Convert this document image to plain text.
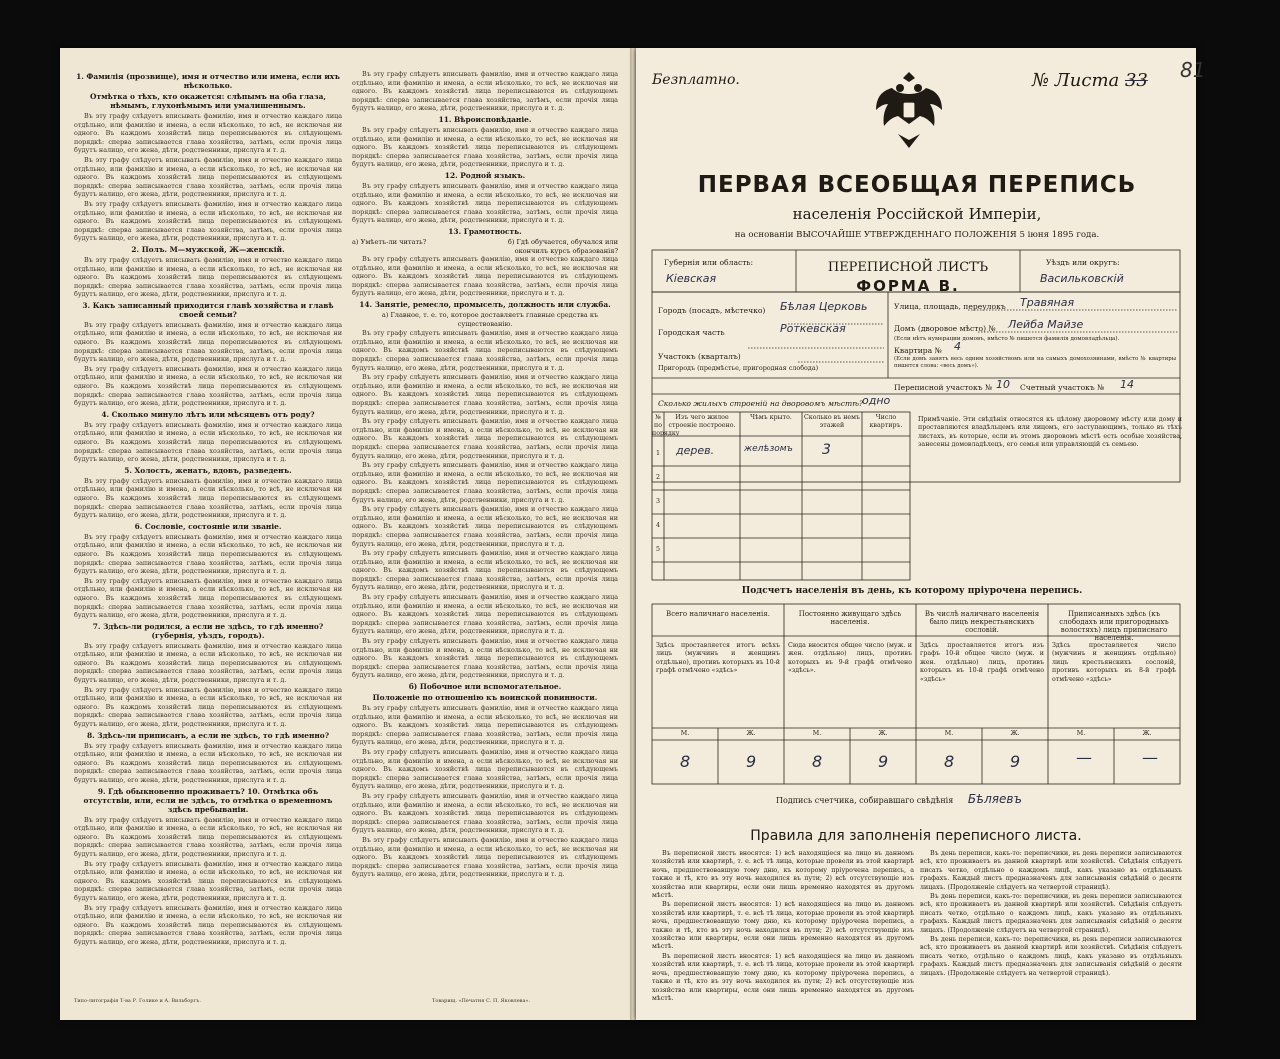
1. Фамилія (прозвище), имя и отчество или имена, если ихъ нѣсколько.
Отмѣтка о тѣхъ, кто окажется: слѣпымъ на оба глаза, нѣмымъ, глухонѣмымъ или умалишеннымъ.
Въ эту графу слѣдуетъ вписывать фамилію, имя и отчество каждаго лица отдѣльно, или фамилію и имена, а если нѣсколько, то всѣ, не исключая ни одного. Въ каждомъ хозяйствѣ лица переписываются въ слѣдующемъ порядкѣ: сперва записывается глава хозяйства, затѣмъ, если прочія лица будутъ налицо, его жена, дѣти, родственники, прислуга и т. д.
Въ эту графу слѣдуетъ вписывать фамилію, имя и отчество каждаго лица отдѣльно, или фамилію и имена, а если нѣсколько, то всѣ, не исключая ни одного. Въ каждомъ хозяйствѣ лица переписываются въ слѣдующемъ порядкѣ: сперва записывается глава хозяйства, затѣмъ, если прочія лица будутъ налицо, его жена, дѣти, родственники, прислуга и т. д.
Въ эту графу слѣдуетъ вписывать фамилію, имя и отчество каждаго лица отдѣльно, или фамилію и имена, а если нѣсколько, то всѣ, не исключая ни одного. Въ каждомъ хозяйствѣ лица переписываются въ слѣдующемъ порядкѣ: сперва записывается глава хозяйства, затѣмъ, если прочія лица будутъ налицо, его жена, дѣти, родственники, прислуга и т. д.
2. Полъ. М—мужской, Ж—женскій.
Въ эту графу слѣдуетъ вписывать фамилію, имя и отчество каждаго лица отдѣльно, или фамилію и имена, а если нѣсколько, то всѣ, не исключая ни одного. Въ каждомъ хозяйствѣ лица переписываются въ слѣдующемъ порядкѣ: сперва записывается глава хозяйства, затѣмъ, если прочія лица будутъ налицо, его жена, дѣти, родственники, прислуга и т. д.
3. Какъ записанный приходится главѣ хозяйства и главѣ своей семьи?
Въ эту графу слѣдуетъ вписывать фамилію, имя и отчество каждаго лица отдѣльно, или фамилію и имена, а если нѣсколько, то всѣ, не исключая ни одного. Въ каждомъ хозяйствѣ лица переписываются въ слѣдующемъ порядкѣ: сперва записывается глава хозяйства, затѣмъ, если прочія лица будутъ налицо, его жена, дѣти, родственники, прислуга и т. д.
Въ эту графу слѣдуетъ вписывать фамилію, имя и отчество каждаго лица отдѣльно, или фамилію и имена, а если нѣсколько, то всѣ, не исключая ни одного. Въ каждомъ хозяйствѣ лица переписываются въ слѣдующемъ порядкѣ: сперва записывается глава хозяйства, затѣмъ, если прочія лица будутъ налицо, его жена, дѣти, родственники, прислуга и т. д.
4. Сколько минуло лѣтъ или мѣсяцевъ отъ роду?
Въ эту графу слѣдуетъ вписывать фамилію, имя и отчество каждаго лица отдѣльно, или фамилію и имена, а если нѣсколько, то всѣ, не исключая ни одного. Въ каждомъ хозяйствѣ лица переписываются въ слѣдующемъ порядкѣ: сперва записывается глава хозяйства, затѣмъ, если прочія лица будутъ налицо, его жена, дѣти, родственники, прислуга и т. д.
5. Холостъ, женатъ, вдовъ, разведенъ.
Въ эту графу слѣдуетъ вписывать фамилію, имя и отчество каждаго лица отдѣльно, или фамилію и имена, а если нѣсколько, то всѣ, не исключая ни одного. Въ каждомъ хозяйствѣ лица переписываются въ слѣдующемъ порядкѣ: сперва записывается глава хозяйства, затѣмъ, если прочія лица будутъ налицо, его жена, дѣти, родственники, прислуга и т. д.
6. Сословіе, состояніе или званіе.
Въ эту графу слѣдуетъ вписывать фамилію, имя и отчество каждаго лица отдѣльно, или фамилію и имена, а если нѣсколько, то всѣ, не исключая ни одного. Въ каждомъ хозяйствѣ лица переписываются въ слѣдующемъ порядкѣ: сперва записывается глава хозяйства, затѣмъ, если прочія лица будутъ налицо, его жена, дѣти, родственники, прислуга и т. д.
Въ эту графу слѣдуетъ вписывать фамилію, имя и отчество каждаго лица отдѣльно, или фамилію и имена, а если нѣсколько, то всѣ, не исключая ни одного. Въ каждомъ хозяйствѣ лица переписываются въ слѣдующемъ порядкѣ: сперва записывается глава хозяйства, затѣмъ, если прочія лица будутъ налицо, его жена, дѣти, родственники, прислуга и т. д.
7. Здѣсь-ли родился, а если не здѣсь, то гдѣ именно? (губернія, уѣздъ, городъ).
Въ эту графу слѣдуетъ вписывать фамилію, имя и отчество каждаго лица отдѣльно, или фамилію и имена, а если нѣсколько, то всѣ, не исключая ни одного. Въ каждомъ хозяйствѣ лица переписываются въ слѣдующемъ порядкѣ: сперва записывается глава хозяйства, затѣмъ, если прочія лица будутъ налицо, его жена, дѣти, родственники, прислуга и т. д.
Въ эту графу слѣдуетъ вписывать фамилію, имя и отчество каждаго лица отдѣльно, или фамилію и имена, а если нѣсколько, то всѣ, не исключая ни одного. Въ каждомъ хозяйствѣ лица переписываются въ слѣдующемъ порядкѣ: сперва записывается глава хозяйства, затѣмъ, если прочія лица будутъ налицо, его жена, дѣти, родственники, прислуга и т. д.
8. Здѣсь-ли приписанъ, а если не здѣсь, то гдѣ именно?
Въ эту графу слѣдуетъ вписывать фамилію, имя и отчество каждаго лица отдѣльно, или фамилію и имена, а если нѣсколько, то всѣ, не исключая ни одного. Въ каждомъ хозяйствѣ лица переписываются въ слѣдующемъ порядкѣ: сперва записывается глава хозяйства, затѣмъ, если прочія лица будутъ налицо, его жена, дѣти, родственники, прислуга и т. д.
9. Гдѣ обыкновенно проживаетъ? 10. Отмѣтка объ отсутствіи, или, если не здѣсь, то отмѣтка о временномъ здѣсь пребываніи.
Въ эту графу слѣдуетъ вписывать фамилію, имя и отчество каждаго лица отдѣльно, или фамилію и имена, а если нѣсколько, то всѣ, не исключая ни одного. Въ каждомъ хозяйствѣ лица переписываются въ слѣдующемъ порядкѣ: сперва записывается глава хозяйства, затѣмъ, если прочія лица будутъ налицо, его жена, дѣти, родственники, прислуга и т. д.
Въ эту графу слѣдуетъ вписывать фамилію, имя и отчество каждаго лица отдѣльно, или фамилію и имена, а если нѣсколько, то всѣ, не исключая ни одного. Въ каждомъ хозяйствѣ лица переписываются въ слѣдующемъ порядкѣ: сперва записывается глава хозяйства, затѣмъ, если прочія лица будутъ налицо, его жена, дѣти, родственники, прислуга и т. д.
Въ эту графу слѣдуетъ вписывать фамилію, имя и отчество каждаго лица отдѣльно, или фамилію и имена, а если нѣсколько, то всѣ, не исключая ни одного. Въ каждомъ хозяйствѣ лица переписываются въ слѣдующемъ порядкѣ: сперва записывается глава хозяйства, затѣмъ, если прочія лица будутъ налицо, его жена, дѣти, родственники, прислуга и т. д.
Въ эту графу слѣдуетъ вписывать фамилію, имя и отчество каждаго лица отдѣльно, или фамилію и имена, а если нѣсколько, то всѣ, не исключая ни одного. Въ каждомъ хозяйствѣ лица переписываются въ слѣдующемъ порядкѣ: сперва записывается глава хозяйства, затѣмъ, если прочія лица будутъ налицо, его жена, дѣти, родственники, прислуга и т. д.
11. Вѣроисповѣданіе.
Въ эту графу слѣдуетъ вписывать фамилію, имя и отчество каждаго лица отдѣльно, или фамилію и имена, а если нѣсколько, то всѣ, не исключая ни одного. Въ каждомъ хозяйствѣ лица переписываются въ слѣдующемъ порядкѣ: сперва записывается глава хозяйства, затѣмъ, если прочія лица будутъ налицо, его жена, дѣти, родственники, прислуга и т. д.
12. Родной языкъ.
Въ эту графу слѣдуетъ вписывать фамилію, имя и отчество каждаго лица отдѣльно, или фамилію и имена, а если нѣсколько, то всѣ, не исключая ни одного. Въ каждомъ хозяйствѣ лица переписываются въ слѣдующемъ порядкѣ: сперва записывается глава хозяйства, затѣмъ, если прочія лица будутъ налицо, его жена, дѣти, родственники, прислуга и т. д.
13. Грамотность.
а) Умѣетъ-ли читать?	б) Гдѣ обучается, обучался или окончилъ курсъ образованія?
Въ эту графу слѣдуетъ вписывать фамилію, имя и отчество каждаго лица отдѣльно, или фамилію и имена, а если нѣсколько, то всѣ, не исключая ни одного. Въ каждомъ хозяйствѣ лица переписываются въ слѣдующемъ порядкѣ: сперва записывается глава хозяйства, затѣмъ, если прочія лица будутъ налицо, его жена, дѣти, родственники, прислуга и т. д.
14. Занятіе, ремесло, промыселъ, должность или служба.
а) Главное, т. е. то, которое доставляетъ главные средства къ существованію.
Въ эту графу слѣдуетъ вписывать фамилію, имя и отчество каждаго лица отдѣльно, или фамилію и имена, а если нѣсколько, то всѣ, не исключая ни одного. Въ каждомъ хозяйствѣ лица переписываются въ слѣдующемъ порядкѣ: сперва записывается глава хозяйства, затѣмъ, если прочія лица будутъ налицо, его жена, дѣти, родственники, прислуга и т. д.
Въ эту графу слѣдуетъ вписывать фамилію, имя и отчество каждаго лица отдѣльно, или фамилію и имена, а если нѣсколько, то всѣ, не исключая ни одного. Въ каждомъ хозяйствѣ лица переписываются въ слѣдующемъ порядкѣ: сперва записывается глава хозяйства, затѣмъ, если прочія лица будутъ налицо, его жена, дѣти, родственники, прислуга и т. д.
Въ эту графу слѣдуетъ вписывать фамилію, имя и отчество каждаго лица отдѣльно, или фамилію и имена, а если нѣсколько, то всѣ, не исключая ни одного. Въ каждомъ хозяйствѣ лица переписываются въ слѣдующемъ порядкѣ: сперва записывается глава хозяйства, затѣмъ, если прочія лица будутъ налицо, его жена, дѣти, родственники, прислуга и т. д.
Въ эту графу слѣдуетъ вписывать фамилію, имя и отчество каждаго лица отдѣльно, или фамилію и имена, а если нѣсколько, то всѣ, не исключая ни одного. Въ каждомъ хозяйствѣ лица переписываются въ слѣдующемъ порядкѣ: сперва записывается глава хозяйства, затѣмъ, если прочія лица будутъ налицо, его жена, дѣти, родственники, прислуга и т. д.
Въ эту графу слѣдуетъ вписывать фамилію, имя и отчество каждаго лица отдѣльно, или фамилію и имена, а если нѣсколько, то всѣ, не исключая ни одного. Въ каждомъ хозяйствѣ лица переписываются въ слѣдующемъ порядкѣ: сперва записывается глава хозяйства, затѣмъ, если прочія лица будутъ налицо, его жена, дѣти, родственники, прислуга и т. д.
Въ эту графу слѣдуетъ вписывать фамилію, имя и отчество каждаго лица отдѣльно, или фамилію и имена, а если нѣсколько, то всѣ, не исключая ни одного. Въ каждомъ хозяйствѣ лица переписываются въ слѣдующемъ порядкѣ: сперва записывается глава хозяйства, затѣмъ, если прочія лица будутъ налицо, его жена, дѣти, родственники, прислуга и т. д.
Въ эту графу слѣдуетъ вписывать фамилію, имя и отчество каждаго лица отдѣльно, или фамилію и имена, а если нѣсколько, то всѣ, не исключая ни одного. Въ каждомъ хозяйствѣ лица переписываются въ слѣдующемъ порядкѣ: сперва записывается глава хозяйства, затѣмъ, если прочія лица будутъ налицо, его жена, дѣти, родственники, прислуга и т. д.
Въ эту графу слѣдуетъ вписывать фамилію, имя и отчество каждаго лица отдѣльно, или фамилію и имена, а если нѣсколько, то всѣ, не исключая ни одного. Въ каждомъ хозяйствѣ лица переписываются въ слѣдующемъ порядкѣ: сперва записывается глава хозяйства, затѣмъ, если прочія лица будутъ налицо, его жена, дѣти, родственники, прислуга и т. д.
б) Побочное или вспомогательное.
Положеніе по отношенію къ воинской повинности.
Въ эту графу слѣдуетъ вписывать фамилію, имя и отчество каждаго лица отдѣльно, или фамилію и имена, а если нѣсколько, то всѣ, не исключая ни одного. Въ каждомъ хозяйствѣ лица переписываются въ слѣдующемъ порядкѣ: сперва записывается глава хозяйства, затѣмъ, если прочія лица будутъ налицо, его жена, дѣти, родственники, прислуга и т. д.
Въ эту графу слѣдуетъ вписывать фамилію, имя и отчество каждаго лица отдѣльно, или фамилію и имена, а если нѣсколько, то всѣ, не исключая ни одного. Въ каждомъ хозяйствѣ лица переписываются въ слѣдующемъ порядкѣ: сперва записывается глава хозяйства, затѣмъ, если прочія лица будутъ налицо, его жена, дѣти, родственники, прислуга и т. д.
Въ эту графу слѣдуетъ вписывать фамилію, имя и отчество каждаго лица отдѣльно, или фамилію и имена, а если нѣсколько, то всѣ, не исключая ни одного. Въ каждомъ хозяйствѣ лица переписываются въ слѣдующемъ порядкѣ: сперва записывается глава хозяйства, затѣмъ, если прочія лица будутъ налицо, его жена, дѣти, родственники, прислуга и т. д.
Въ эту графу слѣдуетъ вписывать фамилію, имя и отчество каждаго лица отдѣльно, или фамилію и имена, а если нѣсколько, то всѣ, не исключая ни одного. Въ каждомъ хозяйствѣ лица переписываются въ слѣдующемъ порядкѣ: сперва записывается глава хозяйства, затѣмъ, если прочія лица будутъ налицо, его жена, дѣти, родственники, прислуга и т. д.
Типо-литографія Т-ва Р. Голике и А. Вильборгъ.	Товарищ. «Печатня С. П. Яковлева».
Безплатно.	№ Листа 33 81
ПЕРВАЯ ВСЕОБЩАЯ ПЕРЕПИСЬ
населенія Россійской Имперіи,
на основаніи ВЫСОЧАЙШЕ УТВЕРЖДЕННАГО ПОЛОЖЕНІЯ 5 іюня 1895 года.
Губернія или область:
Кіевская
ПЕРЕПИСНОЙ ЛИСТЪ
ФОРМА В.
Уѣздъ или округъ:
Васильковскій
Городъ (посадъ, мѣстечко) Бѣлая Церковь
Городская часть	Роткевская
Участокъ (кварталъ)
Пригородъ (предмѣстье, пригородная слобода)
Улица, площадь, переулокъ Травяная
Домъ (дворовое мѣсто) № Лейба Майзе
(Если нѣтъ нумерации домовъ, вмѣсто № пишется фамилія домовладѣльца).
Квартира № 4
(Если домъ занятъ весь одним хозяйствомъ или на самыхъ домохозяинами, вмѣсто № квартиры пишется слова: «весь домъ»).
Переписной участокъ № 10 Счетный участокъ № 14
Сколько жилыхъ строеній на дворовомъ мѣстѣ? одно
№ по порядку
Изъ чего жилое строеніе построено.
Чѣмъ крыто.	Сколько въ немъ этажей
Число квартиръ.
1	дерев.	желѣзомъ 3
2
3
4
5
Примѣчаніе. Эти свѣдѣнія относятся къ цѣлому дворовому мѣсту или дому и проставляются владѣльцемъ или лицомъ, его заступающимъ, только въ тѣхъ листахъ, въ которые, если въ этомъ дворовомъ мѣстѣ есть особые хозяйства, занесены домовладѣлецъ, его семья или управляющій съ семьею.
Подсчетъ населенія въ день, къ которому пріурочена перепись.
Всего наличнаго населенія.	Постоянно живущаго здѣсь населенія.
Въ числѣ наличнаго населенія было лицъ некрестьянскихъ сословій.
Приписанныхъ здѣсь (къ слободахъ или пригородныхъ волостяхъ) лицъ приписнаго населенія.
Здѣсь проставляется итогъ всѣхъ лицъ (мужчинъ и женщинъ отдѣльно), противъ которыхъ въ 10-й графѣ отмѣчено «здѣсь»
Сюда вносится общее число (муж. и жен. отдѣльно) лицъ, противъ которыхъ въ 9-й графѣ отмѣчено «здѣсь».
Здѣсь проставляется итогъ изъ графъ 10-й общее число (муж. и жен. отдѣльно) лицъ, противъ которыхъ въ 10-й графѣ отмѣчено «здѣсь»
Здѣсь проставляется число (мужчинъ и женщинъ отдѣльно) лицъ крестьянскихъ сословій, противъ которыхъ въ 8-й графѣ отмѣчено «здѣсь»
М.	Ж.	М.	Ж.	М.	Ж.	М.	Ж.
8	9	8	9	8	9	—	—
Подпись счетчика, собиравшаго свѣдѣнія Бѣляевъ
Правила для заполненія переписного листа.
Въ переписной листъ вносятся: 1) всѣ находящіеся на лицо въ данномъ хозяйствѣ или квартирѣ, т. е. всѣ тѣ лица, которые провели въ этой квартирѣ ночь, предшествовавшую тому дню, къ которому пріурочена перепись, а также и тѣ, кто въ эту ночь находился въ пути; 2) всѣ отсутствующіе изъ хозяйства или квартиры, если они лишь временно находятся въ другомъ мѣстѣ.
Въ переписной листъ вносятся: 1) всѣ находящіеся на лицо въ данномъ хозяйствѣ или квартирѣ, т. е. всѣ тѣ лица, которые провели въ этой квартирѣ ночь, предшествовавшую тому дню, къ которому пріурочена перепись, а также и тѣ, кто въ эту ночь находился въ пути; 2) всѣ отсутствующіе изъ хозяйства или квартиры, если они лишь временно находятся въ другомъ мѣстѣ.
Въ переписной листъ вносятся: 1) всѣ находящіеся на лицо въ данномъ хозяйствѣ или квартирѣ, т. е. всѣ тѣ лица, которые провели въ этой квартирѣ ночь, предшествовавшую тому дню, къ которому пріурочена перепись, а также и тѣ, кто въ эту ночь находился въ пути; 2) всѣ отсутствующіе изъ хозяйства или квартиры, если они лишь временно находятся въ другомъ мѣстѣ.
Въ день переписи, какъ-то: переписчики, въ день переписи записываются всѣ, кто проживаетъ въ данной квартирѣ или хозяйствѣ. Свѣдѣнія слѣдуетъ писать четко, отдѣльно о каждомъ лицѣ, какъ указано въ отдѣльныхъ графахъ. Каждый листъ предназначенъ для записыванія свѣдѣній о десяти лицахъ. (Продолженіе слѣдуетъ на четвертой страницѣ).
Въ день переписи, какъ-то: переписчики, въ день переписи записываются всѣ, кто проживаетъ въ данной квартирѣ или хозяйствѣ. Свѣдѣнія слѣдуетъ писать четко, отдѣльно о каждомъ лицѣ, какъ указано въ отдѣльныхъ графахъ. Каждый листъ предназначенъ для записыванія свѣдѣній о десяти лицахъ. (Продолженіе слѣдуетъ на четвертой страницѣ).
Въ день переписи, какъ-то: переписчики, въ день переписи записываются всѣ, кто проживаетъ въ данной квартирѣ или хозяйствѣ. Свѣдѣнія слѣдуетъ писать четко, отдѣльно о каждомъ лицѣ, какъ указано въ отдѣльныхъ графахъ. Каждый листъ предназначенъ для записыванія свѣдѣній о десяти лицахъ. (Продолженіе слѣдуетъ на четвертой страницѣ).
